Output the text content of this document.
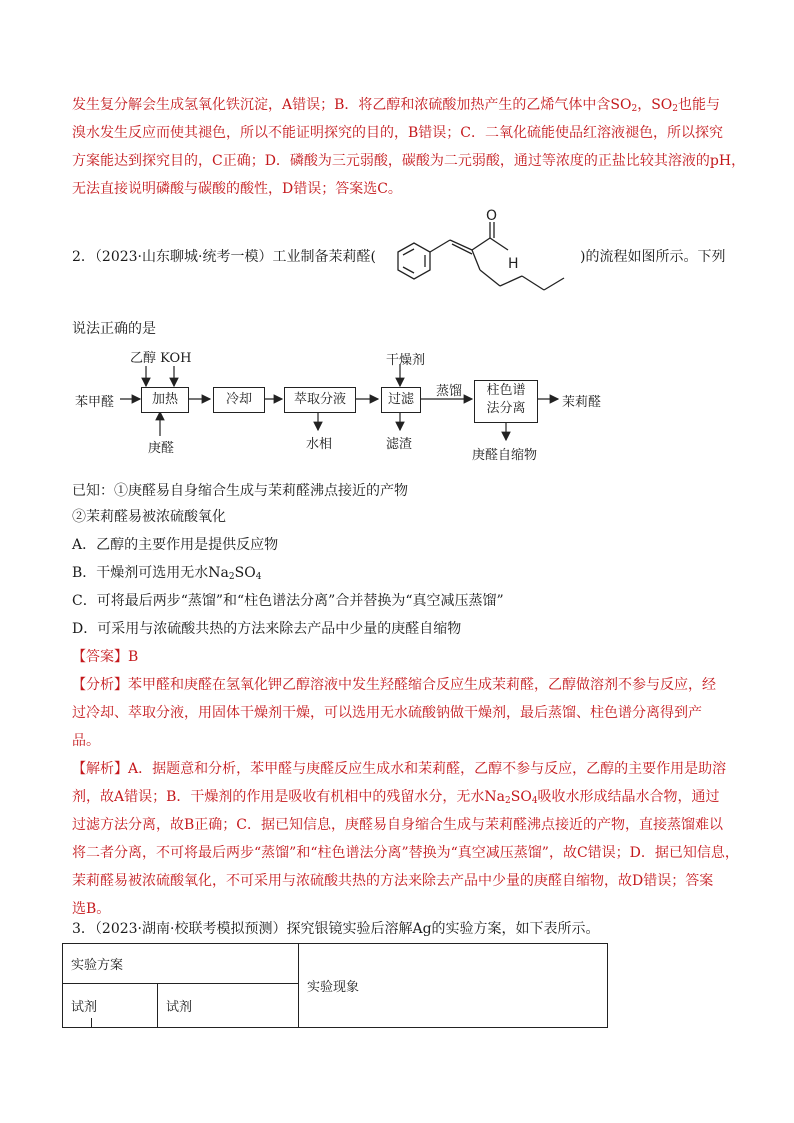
发生复分解会生成氢氧化铁沉淀，A错误；B．将乙醇和浓硫酸加热产生的乙烯气体中含$SO_2$，$SO_2$也能与
溴水发生反应而使其褪色，所以不能证明探究的目的，B错误；C．二氧化硫能使品红溶液褪色，所以探究
方案能达到探究目的，C正确；D．磷酸为三元弱酸，碳酸为二元弱酸，通过等浓度的正盐比较其溶液的pH，
无法直接说明磷酸与碳酸的酸性，D错误；答案选C。
2．（2023·山东聊城·统考一模）工业制备茉莉醛(	)的流程如图所示。下列
O
H
说法正确的是
苯甲醛
乙醇 KOH
庚醛
加热	冷却	萃取分液	过滤
干燥剂
水相	滤渣
蒸馏	柱色谱
法分离	茉莉醛
庚醛自缩物
已知：①庚醛易自身缩合生成与茉莉醛沸点接近的产物
②茉莉醛易被浓硫酸氧化
A．乙醇的主要作用是提供反应物
B．干燥剂可选用无水$Na_2SO_4$
C．可将最后两步“蒸馏”和“柱色谱法分离”合并替换为“真空减压蒸馏”
D．可采用与浓硫酸共热的方法来除去产品中少量的庚醛自缩物
【答案】B
【分析】苯甲醛和庚醛在氢氧化钾乙醇溶液中发生羟醛缩合反应生成茉莉醛，乙醇做溶剂不参与反应，经
过冷却、萃取分液，用固体干燥剂干燥，可以选用无水硫酸钠做干燥剂，最后蒸馏、柱色谱分离得到产
品。
【解析】A．据题意和分析，苯甲醛与庚醛反应生成水和茉莉醛，乙醇不参与反应，乙醇的主要作用是助溶
剂，故A错误；B．干燥剂的作用是吸收有机相中的残留水分，无水$Na_2SO_4$吸收水形成结晶水合物，通过
过滤方法分离，故B正确；C．据已知信息，庚醛易自身缩合生成与茉莉醛沸点接近的产物，直接蒸馏难以
将二者分离，不可将最后两步“蒸馏”和“柱色谱法分离”替换为“真空减压蒸馏”，故C错误；D．据已知信息，
茉莉醛易被浓硫酸氧化，不可采用与浓硫酸共热的方法来除去产品中少量的庚醛自缩物，故D错误；答案
选B。
3．（2023·湖南·校联考模拟预测）探究银镜实验后溶解Ag的实验方案，如下表所示。
实验方案		实验现象
试剂	试剂	
